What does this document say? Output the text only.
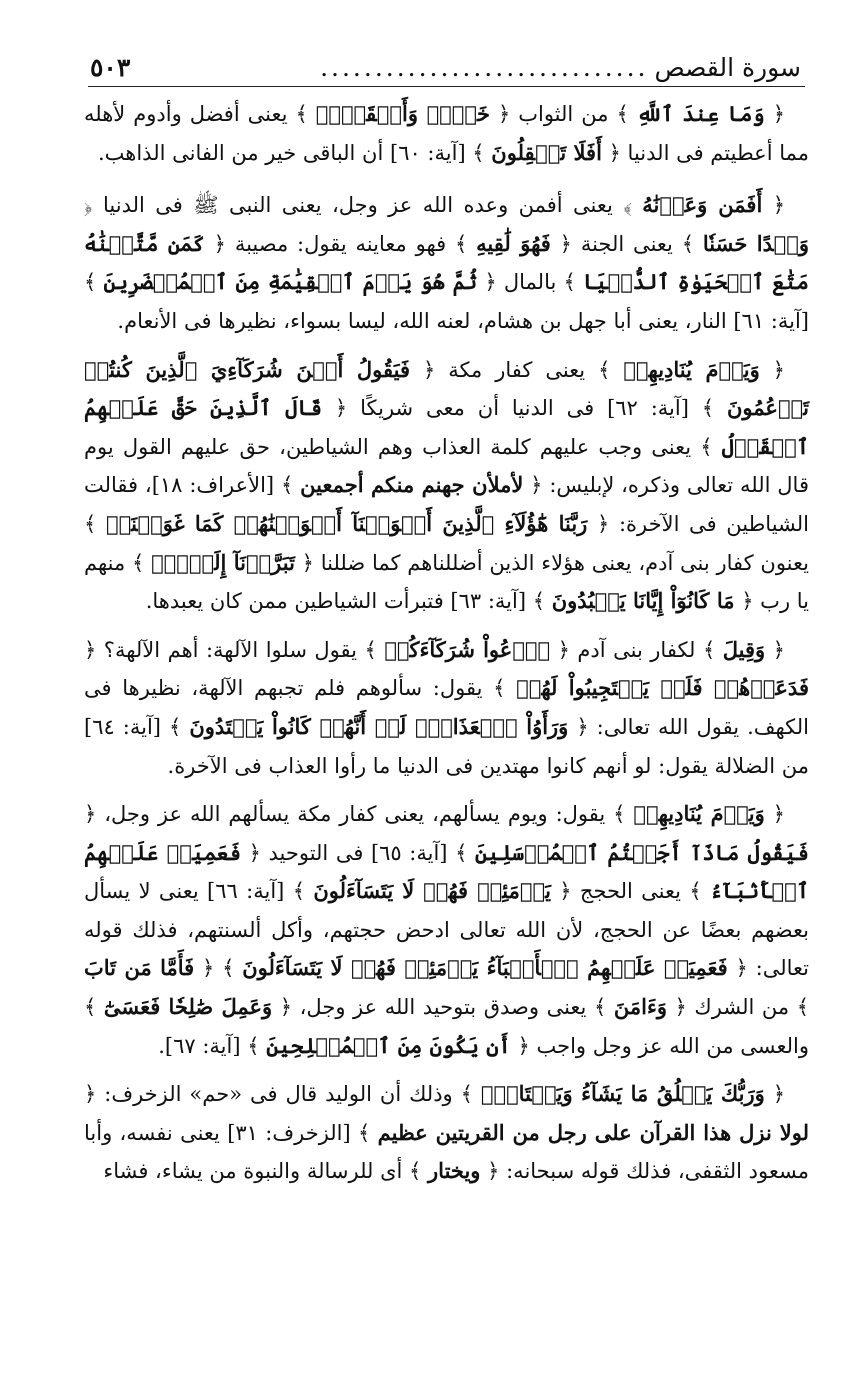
سورة القصص
..............................
٥٠٣

﴿ وَمَا عِندَ ٱللَّهِ ﴾ من الثواب ﴿ خَيۡرٞ وَأَبۡقَىٰٓۚ ﴾ يعنى أفضل وأدوم لأهله مما أعطيتم فى الدنيا ﴿ أَفَلَا تَعۡقِلُونَ ﴾ [آية: ٦٠] أن الباقى خير من الفانى الذاهب.

﴿ أَفَمَن وَعَدۡنَٰهُ ﴾ يعنى أفمن وعده الله عز وجل، يعنى النبى ﷺ فى الدنيا ﴿ وَعۡدًا حَسَنٗا ﴾ يعنى الجنة ﴿ فَهُوَ لَٰقِيهِ ﴾ فهو معاينه يقول: مصيبة ﴿ كَمَن مَّتَّعۡنَٰهُ مَتَٰعَ ٱلۡحَيَوٰةِ ٱلدُّنۡيَا ﴾ بالمال ﴿ ثُمَّ هُوَ يَوۡمَ ٱلۡقِيَٰمَةِ مِنَ ٱلۡمُحۡضَرِينَ ﴾ [آية: ٦١] النار، يعنى أبا جهل بن هشام، لعنه الله، ليسا بسواء، نظيرها فى الأنعام.

﴿ وَيَوۡمَ يُنَادِيهِمۡ ﴾ يعنى كفار مكة ﴿ فَيَقُولُ أَيۡنَ شُرَكَآءِيَ ٱلَّذِينَ كُنتُمۡ تَزۡعُمُونَ ﴾ [آية: ٦٢] فى الدنيا أن معى شريكًا ﴿ قَالَ ٱلَّذِينَ حَقَّ عَلَيۡهِمُ ٱلۡقَوۡلُ ﴾ يعنى وجب عليهم كلمة العذاب وهم الشياطين، حق عليهم القول يوم قال الله تعالى وذكره، لإبليس: ﴿ لأملأن جهنم منكم أجمعين ﴾ [الأعراف: ١٨]، فقالت الشياطين فى الآخرة: ﴿ رَبَّنَا هَٰٓؤُلَآءِ ٱلَّذِينَ أَغۡوَيۡنَآ أَغۡوَيۡنَٰهُمۡ كَمَا غَوَيۡنَاۖ ﴾ يعنون كفار بنى آدم، يعنى هؤلاء الذين أضللناهم كما ضللنا ﴿ تَبَرَّأۡنَآ إِلَيۡكَۖ ﴾ منهم يا رب ﴿ مَا كَانُوٓاْ إِيَّانَا يَعۡبُدُونَ ﴾ [آية: ٦٣] فتبرأت الشياطين ممن كان يعبدها.

﴿ وَقِيلَ ﴾ لكفار بنى آدم ﴿ ٱدۡعُواْ شُرَكَآءَكُمۡ ﴾ يقول سلوا الآلهة: أهم الآلهة؟ ﴿ فَدَعَوۡهُمۡ فَلَمۡ يَسۡتَجِيبُواْ لَهُمۡ ﴾ يقول: سألوهم فلم تجبهم الآلهة، نظيرها فى الكهف. يقول الله تعالى: ﴿ وَرَأَوُاْ ٱلۡعَذَابَۚ لَوۡ أَنَّهُمۡ كَانُواْ يَهۡتَدُونَ ﴾ [آية: ٦٤] من الضلالة يقول: لو أنهم كانوا مهتدين فى الدنيا ما رأوا العذاب فى الآخرة.

﴿ وَيَوۡمَ يُنَادِيهِمۡ ﴾ يقول: ويوم يسألهم، يعنى كفار مكة يسألهم الله عز وجل، ﴿ فَيَقُولُ مَاذَآ أَجَبۡتُمُ ٱلۡمُرۡسَلِينَ ﴾ [آية: ٦٥] فى التوحيد ﴿ فَعَمِيَتۡ عَلَيۡهِمُ ٱلۡأَنۢبَآءُ ﴾ يعنى الحجج ﴿ يَوۡمَئِذٖ فَهُمۡ لَا يَتَسَآءَلُونَ ﴾ [آية: ٦٦] يعنى لا يسأل بعضهم بعضًا عن الحجج، لأن الله تعالى ادحض حجتهم، وأكل ألسنتهم، فذلك قوله تعالى: ﴿ فَعَمِيَتۡ عَلَيۡهِمُ ٱلۡأَنۢبَآءُ يَوۡمَئِذٖ فَهُمۡ لَا يَتَسَآءَلُونَ ﴾ ﴿ فَأَمَّا مَن تَابَ ﴾ من الشرك ﴿ وَءَامَنَ ﴾ يعنى وصدق بتوحيد الله عز وجل، ﴿ وَعَمِلَ صَٰلِحٗا فَعَسَىٰٓ ﴾ والعسى من الله عز وجل واجب ﴿ أَن يَكُونَ مِنَ ٱلۡمُفۡلِحِينَ ﴾ [آية: ٦٧].

﴿ وَرَبُّكَ يَخۡلُقُ مَا يَشَآءُ وَيَخۡتَارُۗ ﴾ وذلك أن الوليد قال فى «حم» الزخرف: ﴿ لولا نزل هذا القرآن على رجل من القريتين عظيم ﴾ [الزخرف: ٣١] يعنى نفسه، وأبا مسعود الثقفى، فذلك قوله سبحانه: ﴿ ويختار ﴾ أى للرسالة والنبوة من يشاء، فشاء
